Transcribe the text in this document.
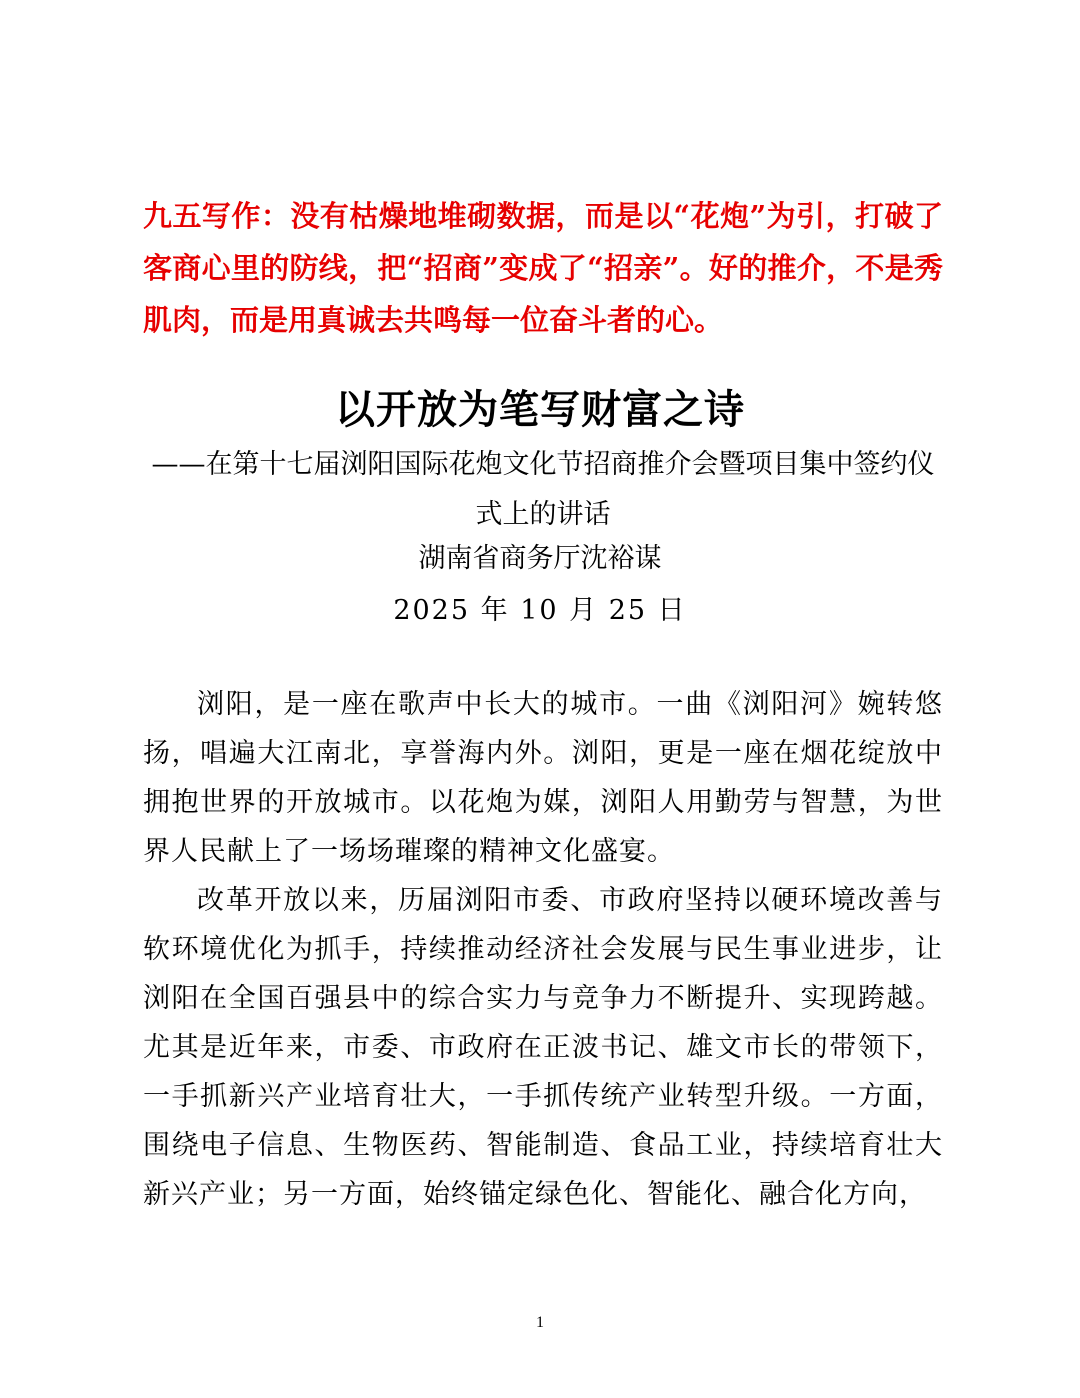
九五写作：没有枯燥地堆砌数据，而是以“花炮”为引，打破了客商心里的防线，把“招商”变成了“招亲”。好的推介，不是秀肌肉，而是用真诚去共鸣每一位奋斗者的心。
以开放为笔写财富之诗
——在第十七届浏阳国际花炮文化节招商推介会暨项目集中签约仪式上的讲话
湖南省商务厅沈裕谋
2025 年 10 月 25 日

浏阳，是一座在歌声中长大的城市。一曲《浏阳河》婉转悠扬，唱遍大江南北，享誉海内外。浏阳，更是一座在烟花绽放中拥抱世界的开放城市。以花炮为媒，浏阳人用勤劳与智慧，为世界人民献上了一场场璀璨的精神文化盛宴。

改革开放以来，历届浏阳市委、市政府坚持以硬环境改善与软环境优化为抓手，持续推动经济社会发展与民生事业进步，让浏阳在全国百强县中的综合实力与竞争力不断提升、实现跨越。尤其是近年来，市委、市政府在正波书记、雄文市长的带领下，一手抓新兴产业培育壮大，一手抓传统产业转型升级。一方面，围绕电子信息、生物医药、智能制造、食品工业，持续培育壮大新兴产业；另一方面，始终锚定绿色化、智能化、融合化方向，

1
